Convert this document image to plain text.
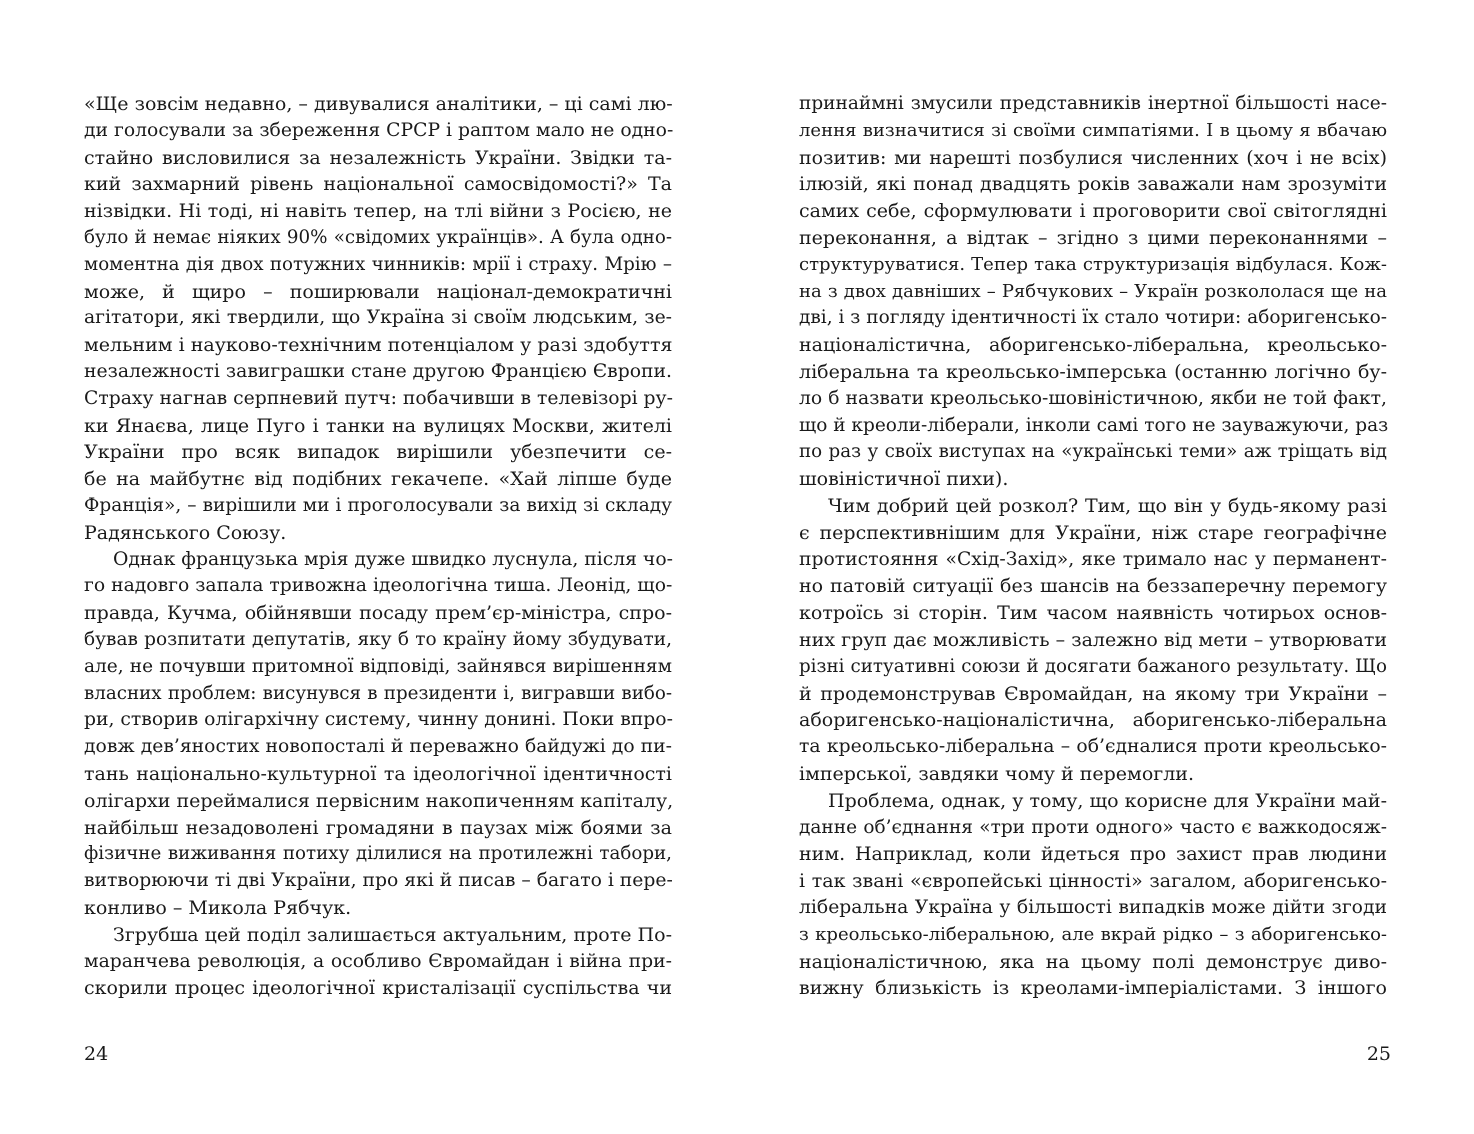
«Ще зовсім недавно, – дивувалися аналітики, – ці самі лю-
ди голосували за збереження СРСР і раптом мало не одно-
стайно висловилися за незалежність України. Звідки та-
кий захмарний рівень національної самосвідомості?» Та
нізвідки. Ні тоді, ні навіть тепер, на тлі війни з Росією, не
було й немає ніяких 90% «свідомих українців». А була одно-
моментна дія двох потужних чинників: мрії і страху. Мрію –
може, й щиро – поширювали націонал-демократичні
агітатори, які твердили, що Україна зі своїм людським, зе-
мельним і науково-технічним потенціалом у разі здобуття
незалежності завиграшки стане другою Францією Європи.
Страху нагнав серпневий путч: побачивши в телевізорі ру-
ки Янаєва, лице Пуго і танки на вулицях Москви, жителі
України про всяк випадок вирішили убезпечити се-
бе на майбутнє від подібних гекачепе. «Хай ліпше буде
Франція», – вирішили ми і проголосували за вихід зі складу
Радянського Союзу.
Однак французька мрія дуже швидко луснула, після чо-
го надовго запала тривожна ідеологічна тиша. Леонід, що-
правда, Кучма, обійнявши посаду прем’єр-міністра, спро-
бував розпитати депутатів, яку б то країну йому збудувати,
але, не почувши притомної відповіді, зайнявся вирішенням
власних проблем: висунувся в президенти і, вигравши вибо-
ри, створив олігархічну систему, чинну донині. Поки впро-
довж дев’яностих новопосталі й переважно байдужі до пи-
тань національно-культурної та ідеологічної ідентичності
олігархи переймалися первісним накопиченням капіталу,
найбільш незадоволені громадяни в паузах між боями за
фізичне виживання потиху ділилися на протилежні табори,
витворюючи ті дві України, про які й писав – багато і пере-
конливо – Микола Рябчук.
Згрубша цей поділ залишається актуальним, проте По-
маранчева революція, а особливо Євромайдан і війна при-
скорили процес ідеологічної кристалізації суспільства чи
24
принаймні змусили представників інертної більшості насе-
лення визначитися зі своїми симпатіями. І в цьому я вбачаю
позитив: ми нарешті позбулися численних (хоч і не всіх)
ілюзій, які понад двадцять років заважали нам зрозуміти
самих себе, сформулювати і проговорити свої світоглядні
переконання, а відтак – згідно з цими переконаннями –
структуруватися. Тепер така структуризація відбулася. Кож-
на з двох давніших – Рябчукових – Україн розкололася ще на
дві, і з погляду ідентичності їх стало чотири: аборигенсько-
націоналістична, аборигенсько-ліберальна, креольсько-
ліберальна та креольсько-імперська (останню логічно бу-
ло б назвати креольсько-шовіністичною, якби не той факт,
що й креоли-ліберали, інколи самі того не зауважуючи, раз
по раз у своїх виступах на «українські теми» аж тріщать від
шовіністичної пихи).
Чим добрий цей розкол? Тим, що він у будь-якому разі
є перспективнішим для України, ніж старе географічне
протистояння «Схід-Захід», яке тримало нас у перманент-
но патовій ситуації без шансів на беззаперечну перемогу
котроїсь зі сторін. Тим часом наявність чотирьох основ-
них груп дає можливість – залежно від мети – утворювати
різні ситуативні союзи й досягати бажаного результату. Що
й продемонстрував Євромайдан, на якому три України –
аборигенсько-націоналістична, аборигенсько-ліберальна
та креольсько-ліберальна – об’єдналися проти креольсько-
імперської, завдяки чому й перемогли.
Проблема, однак, у тому, що корисне для України май-
данне об’єднання «три проти одного» часто є важкодосяж-
ним. Наприклад, коли йдеться про захист прав людини
і так звані «європейські цінності» загалом, аборигенсько-
ліберальна Україна у більшості випадків може дійти згоди
з креольсько-ліберальною, але вкрай рідко – з аборигенсько-
націоналістичною, яка на цьому полі демонструє диво-
вижну близькість із креолами-імперіалістами. З іншого
25
